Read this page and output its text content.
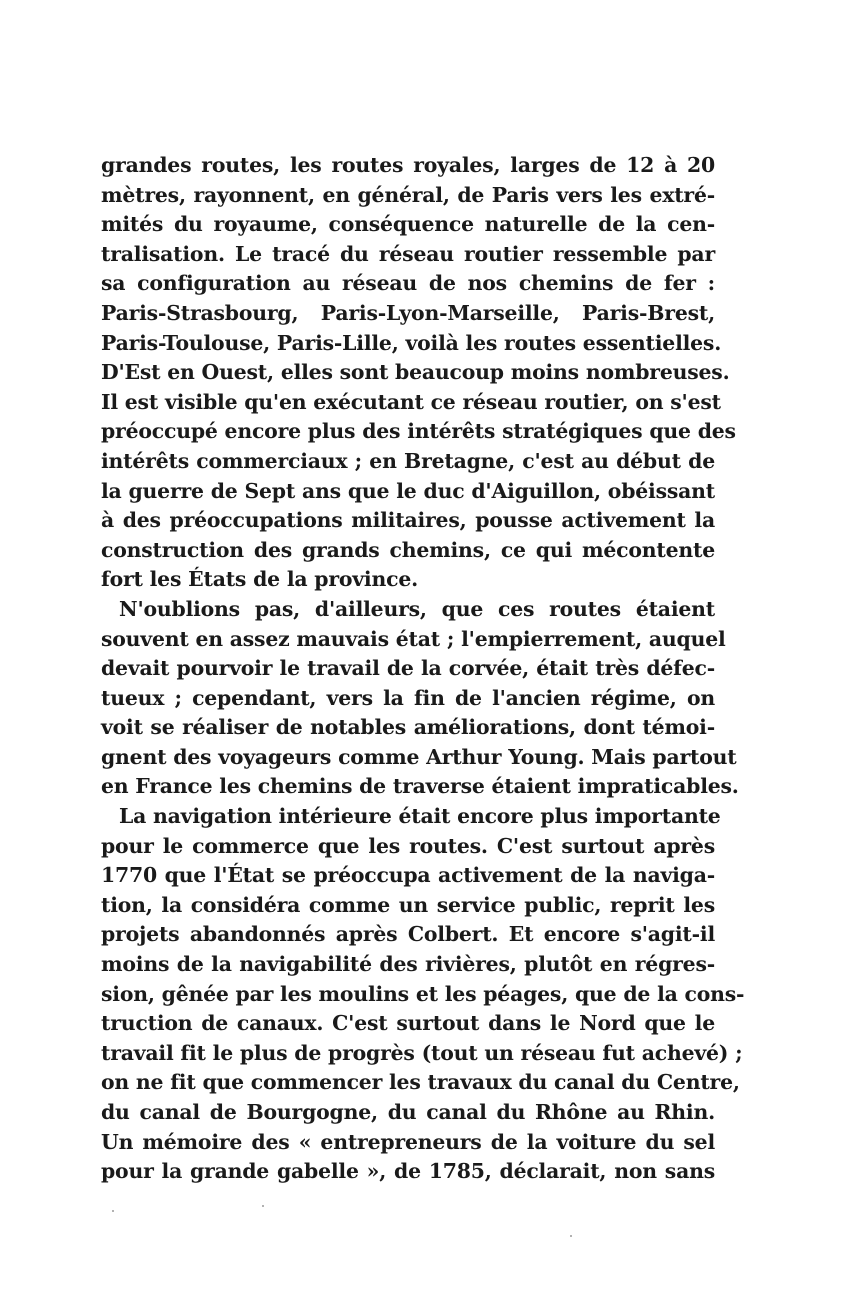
grandes routes, les routes royales, larges de 12 à 20
mètres, rayonnent, en général, de Paris vers les extré-
mités du royaume, conséquence naturelle de la cen-
tralisation. Le tracé du réseau routier ressemble par
sa configuration au réseau de nos chemins de fer :
Paris-Strasbourg, Paris-Lyon-Marseille, Paris-Brest,
Paris-Toulouse, Paris-Lille, voilà les routes essentielles.
D'Est en Ouest, elles sont beaucoup moins nombreuses.
Il est visible qu'en exécutant ce réseau routier, on s'est
préoccupé encore plus des intérêts stratégiques que des
intérêts commerciaux ; en Bretagne, c'est au début de
la guerre de Sept ans que le duc d'Aiguillon, obéissant
à des préoccupations militaires, pousse activement la
construction des grands chemins, ce qui mécontente
fort les États de la province.
N'oublions pas, d'ailleurs, que ces routes étaient
souvent en assez mauvais état ; l'empierrement, auquel
devait pourvoir le travail de la corvée, était très défec-
tueux ; cependant, vers la fin de l'ancien régime, on
voit se réaliser de notables améliorations, dont témoi-
gnent des voyageurs comme Arthur Young. Mais partout
en France les chemins de traverse étaient impraticables.
La navigation intérieure était encore plus importante
pour le commerce que les routes. C'est surtout après
1770 que l'État se préoccupa activement de la naviga-
tion, la considéra comme un service public, reprit les
projets abandonnés après Colbert. Et encore s'agit-il
moins de la navigabilité des rivières, plutôt en régres-
sion, gênée par les moulins et les péages, que de la cons-
truction de canaux. C'est surtout dans le Nord que le
travail fit le plus de progrès (tout un réseau fut achevé) ;
on ne fit que commencer les travaux du canal du Centre,
du canal de Bourgogne, du canal du Rhône au Rhin.
Un mémoire des « entrepreneurs de la voiture du sel
pour la grande gabelle », de 1785, déclarait, non sans
